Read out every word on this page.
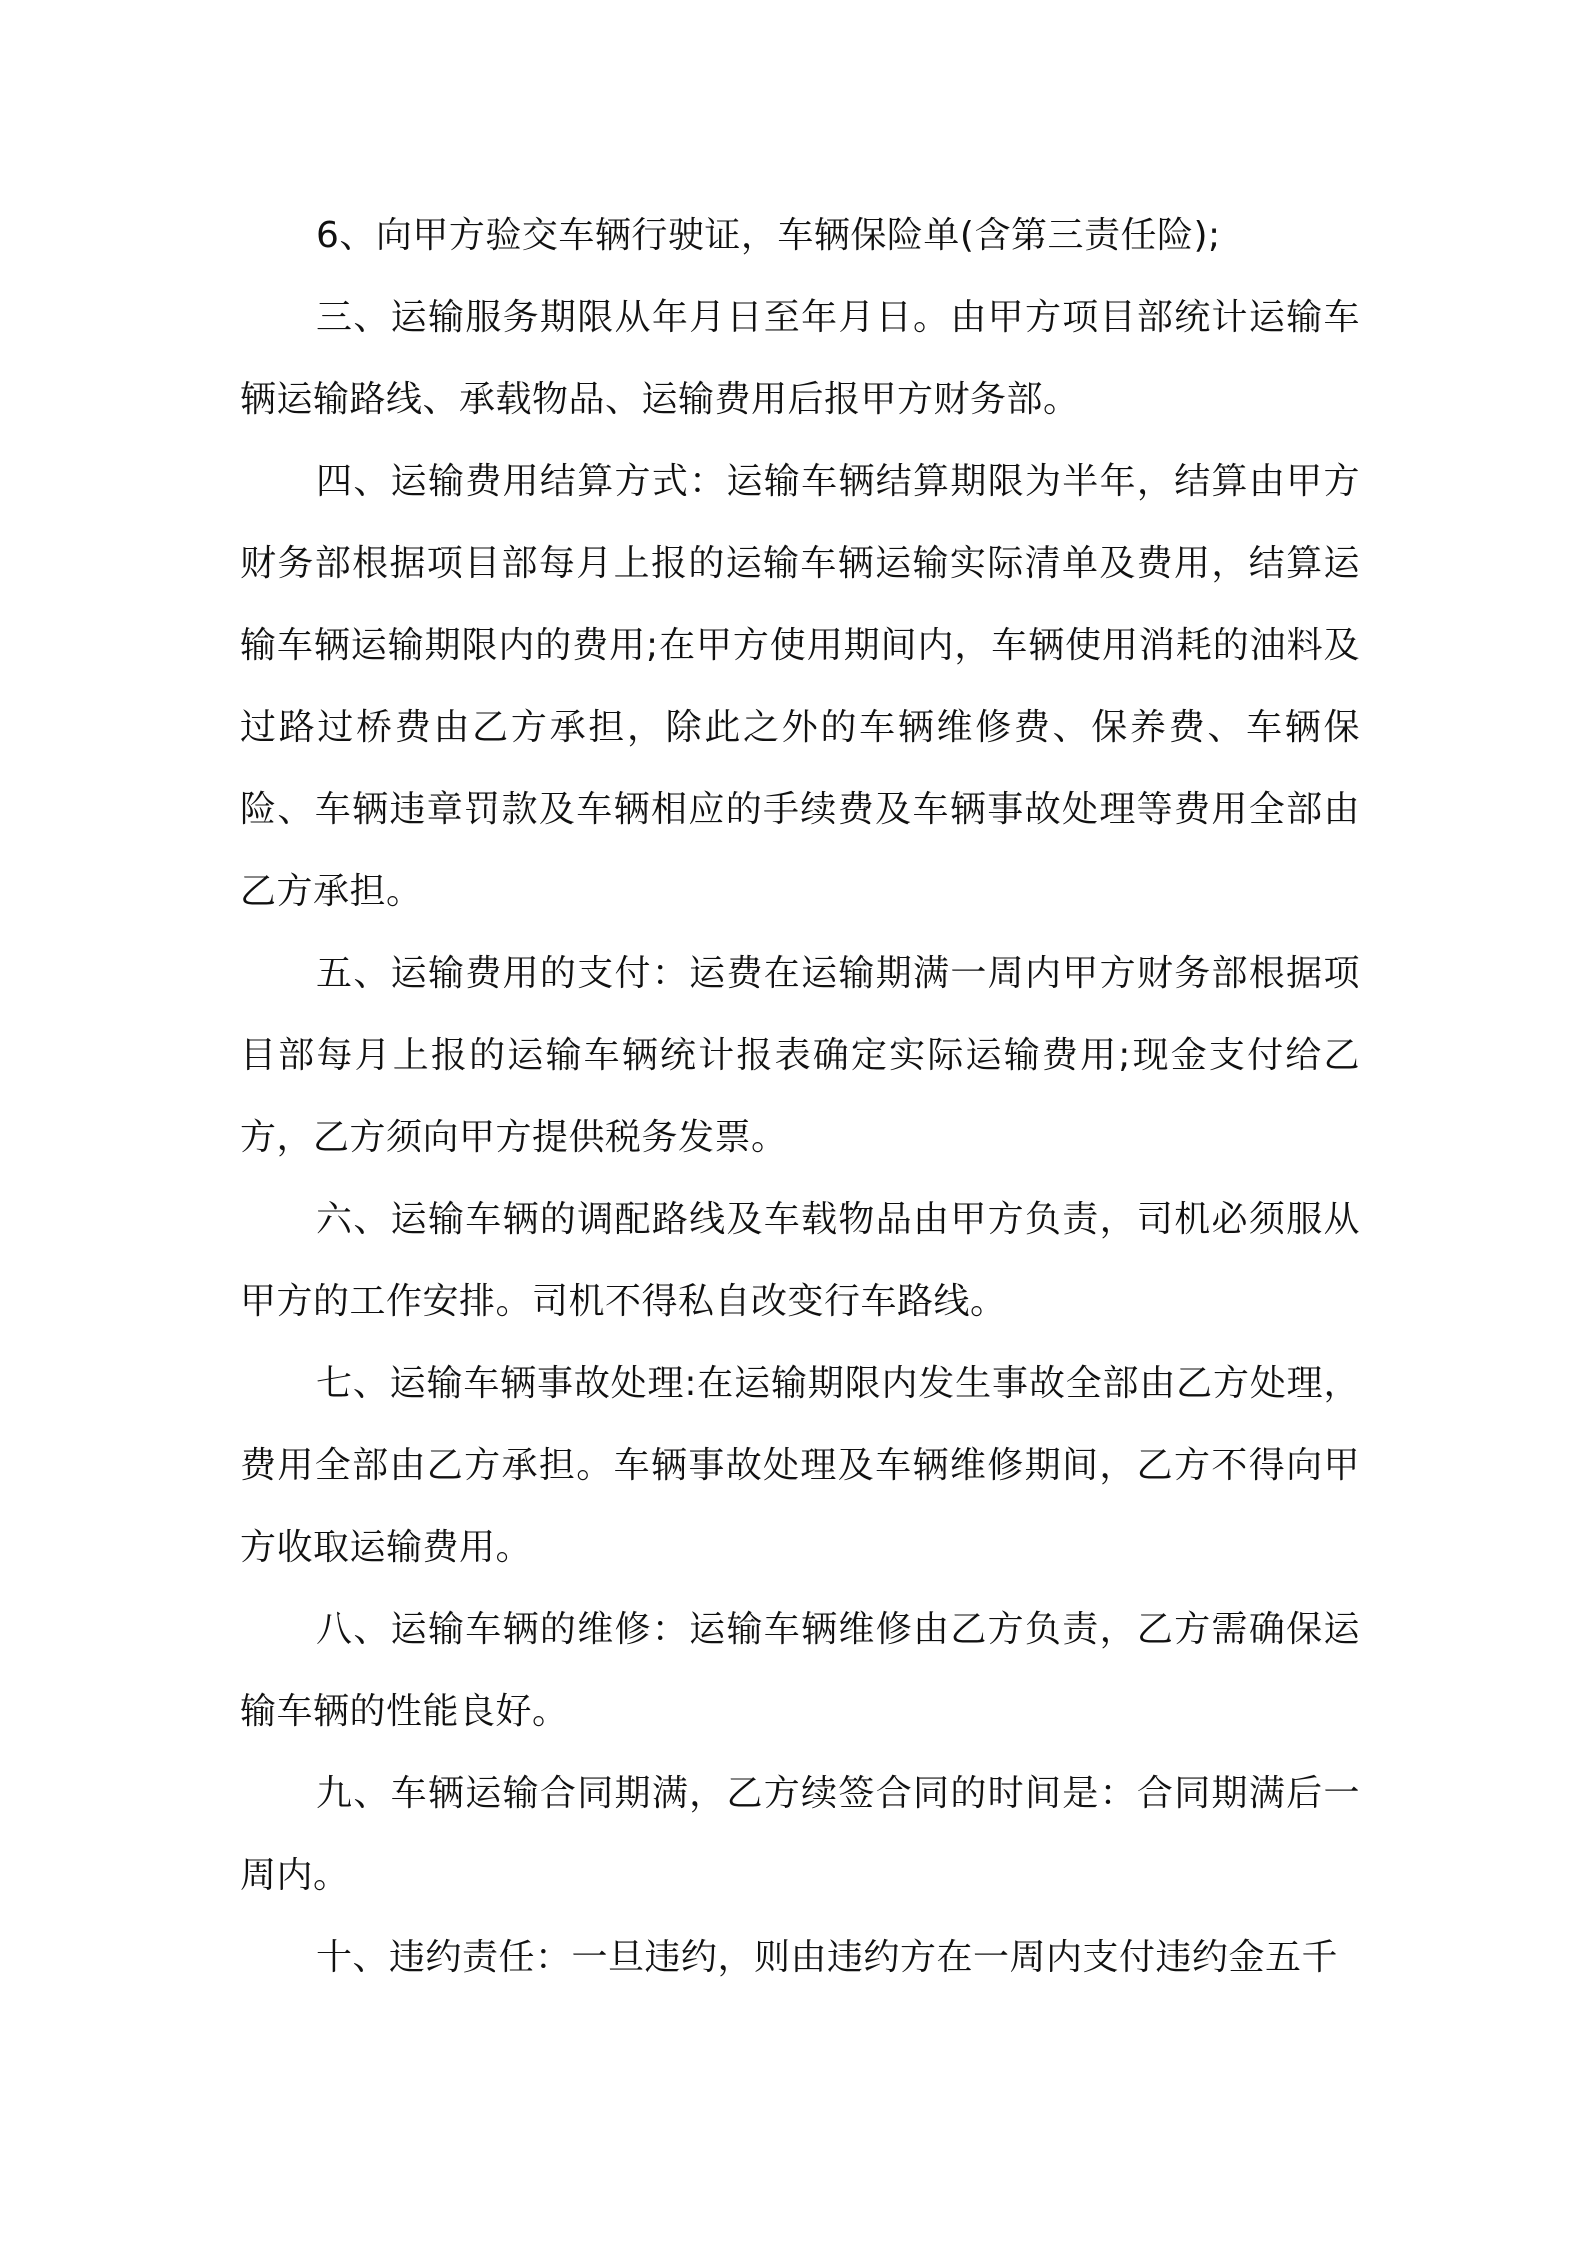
6、向甲方验交车辆行驶证，车辆保险单(含第三责任险);

三、运输服务期限从年月日至年月日。由甲方项目部统计运输车辆运输路线、承载物品、运输费用后报甲方财务部。

四、运输费用结算方式：运输车辆结算期限为半年，结算由甲方财务部根据项目部每月上报的运输车辆运输实际清单及费用，结算运输车辆运输期限内的费用;在甲方使用期间内，车辆使用消耗的油料及过路过桥费由乙方承担，除此之外的车辆维修费、保养费、车辆保险、车辆违章罚款及车辆相应的手续费及车辆事故处理等费用全部由乙方承担。

五、运输费用的支付：运费在运输期满一周内甲方财务部根据项目部每月上报的运输车辆统计报表确定实际运输费用;现金支付给乙方，乙方须向甲方提供税务发票。

六、运输车辆的调配路线及车载物品由甲方负责，司机必须服从甲方的工作安排。司机不得私自改变行车路线。

七、运输车辆事故处理:在运输期限内发生事故全部由乙方处理，费用全部由乙方承担。车辆事故处理及车辆维修期间，乙方不得向甲方收取运输费用。

八、运输车辆的维修：运输车辆维修由乙方负责，乙方需确保运输车辆的性能良好。

九、车辆运输合同期满，乙方续签合同的时间是：合同期满后一周内。

十、违约责任：一旦违约，则由违约方在一周内支付违约金五千
